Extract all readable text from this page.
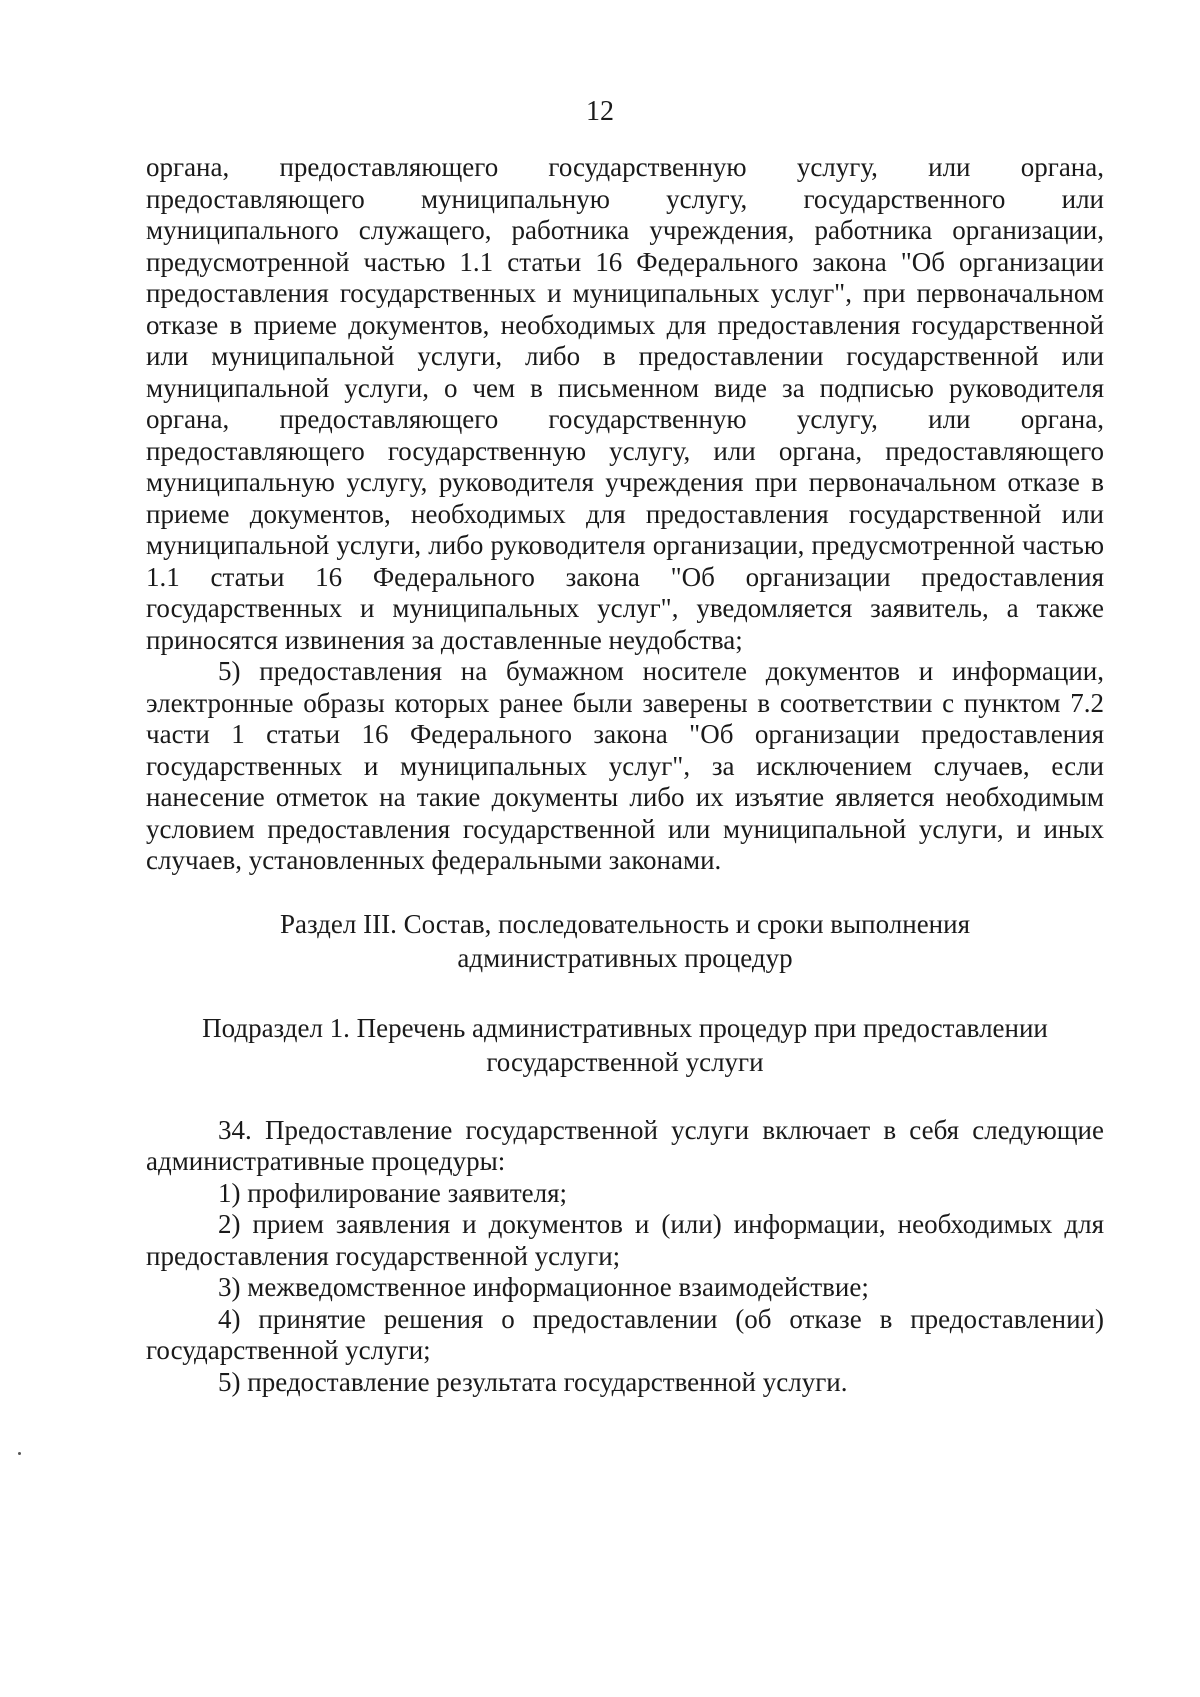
12

органа, предоставляющего государственную услугу, или органа, предоставляющего муниципальную услугу, государственного или муниципального служащего, работника учреждения, работника организации, предусмотренной частью 1.1 статьи 16 Федерального закона "Об организации предоставления государственных и муниципальных услуг", при первоначальном отказе в приеме документов, необходимых для предоставления государственной или муниципальной услуги, либо в предоставлении государственной или муниципальной услуги, о чем в письменном виде за подписью руководителя органа, предоставляющего государственную услугу, или органа, предоставляющего государственную услугу, или органа, предоставляющего муниципальную услугу, руководителя учреждения при первоначальном отказе в приеме документов, необходимых для предоставления государственной или муниципальной услуги, либо руководителя организации, предусмотренной частью 1.1 статьи 16 Федерального закона "Об организации предоставления государственных и муниципальных услуг", уведомляется заявитель, а также приносятся извинения за доставленные неудобства;

5) предоставления на бумажном носителе документов и информации, электронные образы которых ранее были заверены в соответствии с пунктом 7.2 части 1 статьи 16 Федерального закона "Об организации предоставления государственных и муниципальных услуг", за исключением случаев, если нанесение отметок на такие документы либо их изъятие является необходимым условием предоставления государственной или муниципальной услуги, и иных случаев, установленных федеральными законами.

Раздел III. Состав, последовательность и сроки выполнения
административных процедур

Подраздел 1. Перечень административных процедур при предоставлении
государственной услуги

34. Предоставление государственной услуги включает в себя следующие административные процедуры:

1) профилирование заявителя;

2) прием заявления и документов и (или) информации, необходимых для предоставления государственной услуги;

3) межведомственное информационное взаимодействие;

4) принятие решения о предоставлении (об отказе в предоставлении) государственной услуги;

5) предоставление результата государственной услуги.
